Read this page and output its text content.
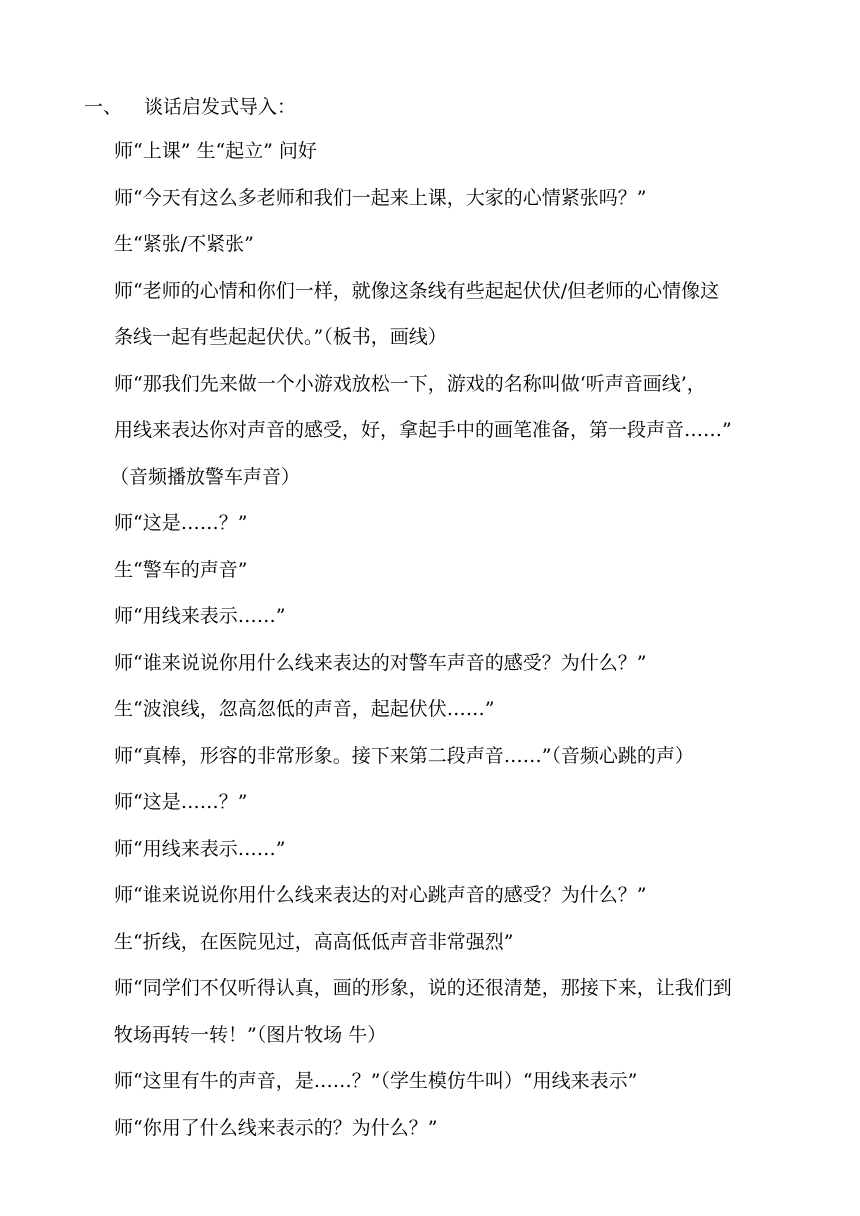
一、	谈话启发式导入：
师“上课” 生“起立” 问好
师“今天有这么多老师和我们一起来上课，大家的心情紧张吗？”
生“紧张/不紧张”
师“老师的心情和你们一样，就像这条线有些起起伏伏/但老师的心情像这
条线一起有些起起伏伏。”（板书，画线）
师“那我们先来做一个小游戏放松一下，游戏的名称叫做‘听声音画线’，
用线来表达你对声音的感受，好，拿起手中的画笔准备，第一段声音……”
（音频播放警车声音）
师“这是……？”
生“警车的声音”
师“用线来表示……”
师“谁来说说你用什么线来表达的对警车声音的感受？为什么？”
生“波浪线，忽高忽低的声音，起起伏伏……”
师“真棒，形容的非常形象。接下来第二段声音……”（音频心跳的声）
师“这是……？”
师“用线来表示……”
师“谁来说说你用什么线来表达的对心跳声音的感受？为什么？”
生“折线，在医院见过，高高低低声音非常强烈”
师“同学们不仅听得认真，画的形象，说的还很清楚，那接下来，让我们到
牧场再转一转！”（图片牧场 牛）
师“这里有牛的声音，是……？”（学生模仿牛叫）“用线来表示”
师“你用了什么线来表示的？为什么？”
